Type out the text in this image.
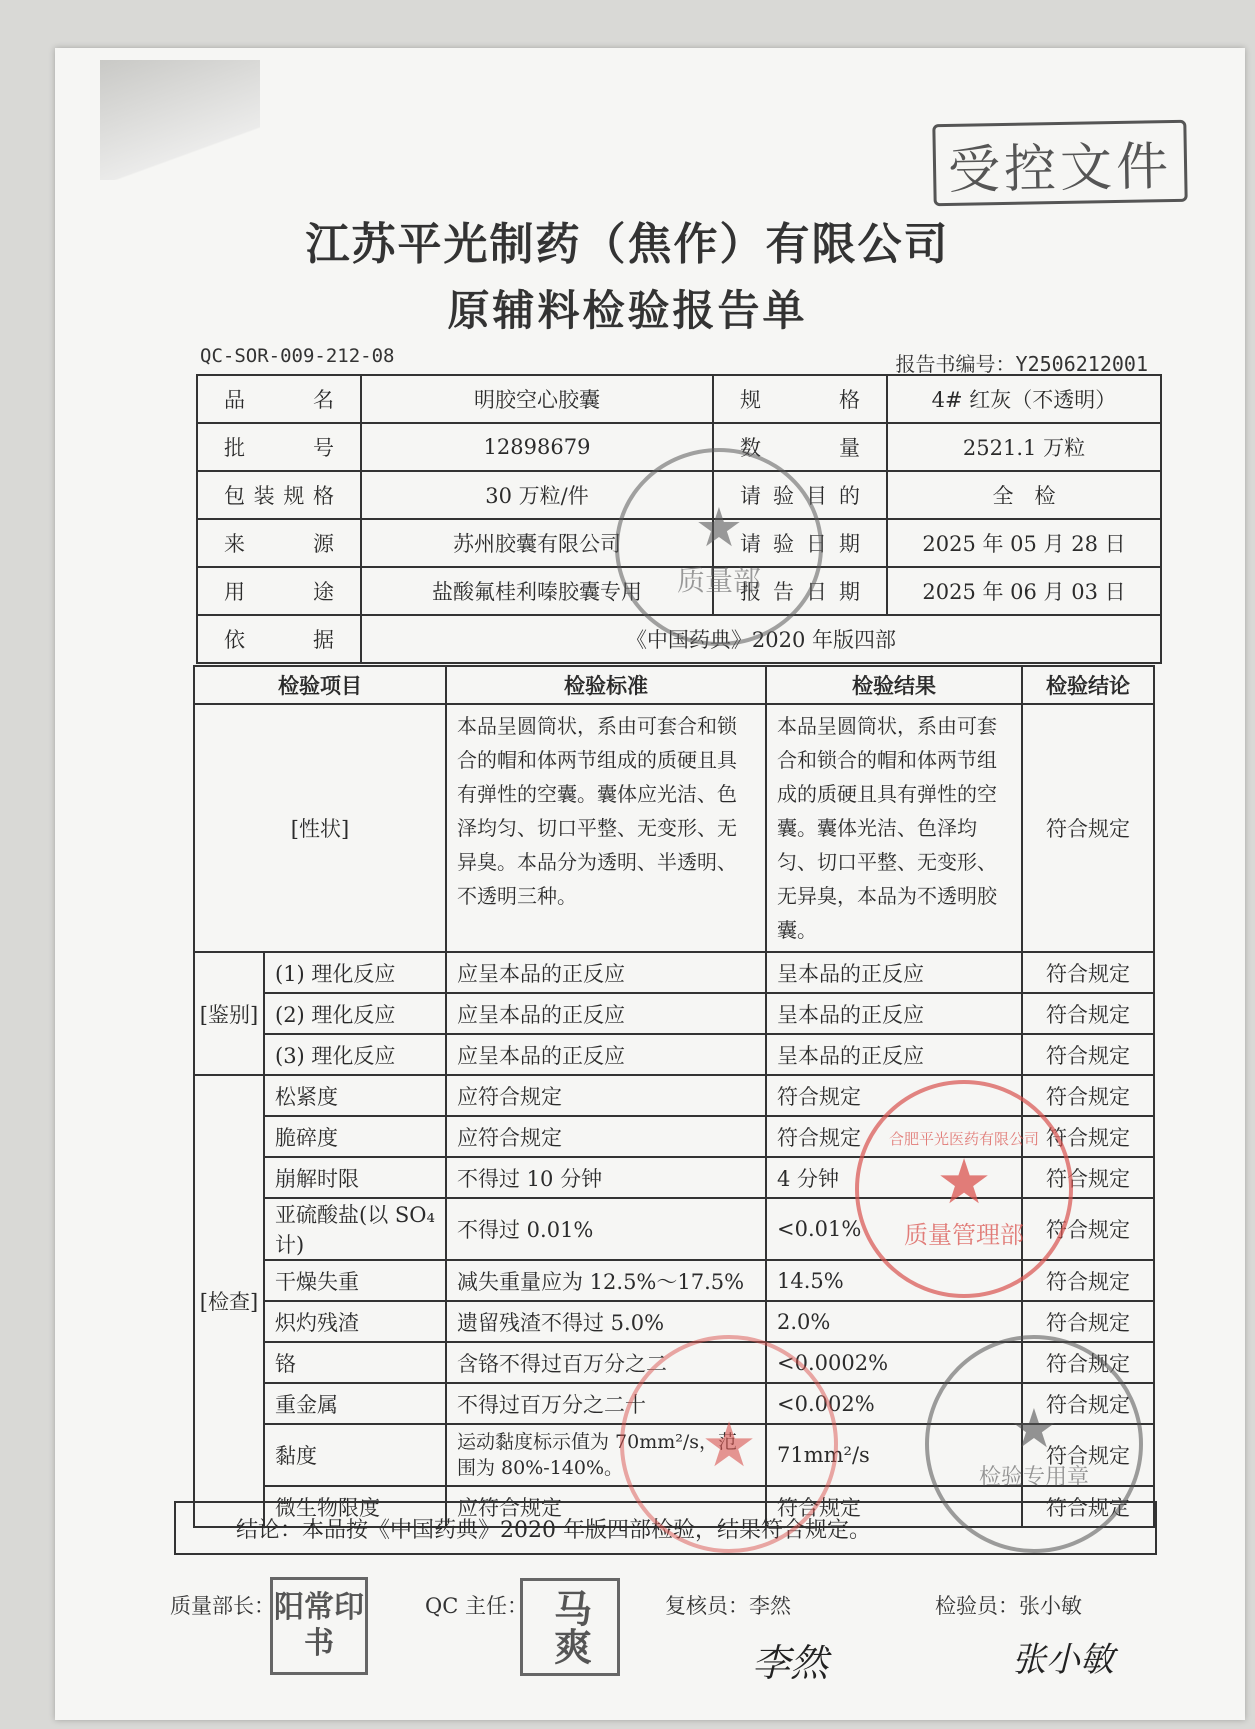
受控文件
江苏平光制药（焦作）有限公司
原辅料检验报告单
QC-SOR-009-212-08	报告书编号：Y2506212001
品　名	明胶空心胶囊	规　格	4# 红灰（不透明）
批　号	12898679	数　量	2521.1 万粒
包装规格	30 万粒/件	请验目的	全　检
来　源	苏州胶囊有限公司	请验日期	2025 年 05 月 28 日
用　途	盐酸氟桂利嗪胶囊专用	报告日期	2025 年 06 月 03 日
依　据	《中国药典》2020 年版四部		
检验项目		检验标准	检验结果	检验结论
[性状]		本品呈圆筒状，系由可套合和锁合的帽和体两节组成的质硬且具有弹性的空囊。囊体应光洁、色泽均匀、切口平整、无变形、无异臭。本品分为透明、半透明、不透明三种。	本品呈圆筒状，系由可套合和锁合的帽和体两节组成的质硬且具有弹性的空囊。囊体光洁、色泽均匀、切口平整、无变形、无异臭，本品为不透明胶囊。	符合规定
[鉴别]	(1) 理化反应	应呈本品的正反应	呈本品的正反应	符合规定
	(2) 理化反应	应呈本品的正反应	呈本品的正反应	符合规定
	(3) 理化反应	应呈本品的正反应	呈本品的正反应	符合规定
[检查]	松紧度	应符合规定	符合规定	符合规定
	脆碎度	应符合规定	符合规定	符合规定
	崩解时限	不得过 10 分钟	4 分钟	符合规定
	亚硫酸盐(以 SO₄ 计)	不得过 0.01%	<0.01%	符合规定
	干燥失重	减失重量应为 12.5%～17.5%	14.5%	符合规定
	炽灼残渣	遗留残渣不得过 5.0%	2.0%	符合规定
	铬	含铬不得过百万分之二	<0.0002%	符合规定
	重金属	不得过百万分之二十	<0.002%	符合规定
	黏度	运动黏度标示值为 70mm²/s，范围为 80%-140%。	71mm²/s	符合规定
	微生物限度	应符合规定	符合规定	符合规定
结论：本品按《中国药典》2020 年版四部检验，结果符合规定。
★
质量部
合肥平光医药有限公司
★
质量管理部
★	★
检验专用章
质量部长： 阳常印书
QC 主任： 马爽	复核员：李然
李然
检验员：张小敏
张小敏
